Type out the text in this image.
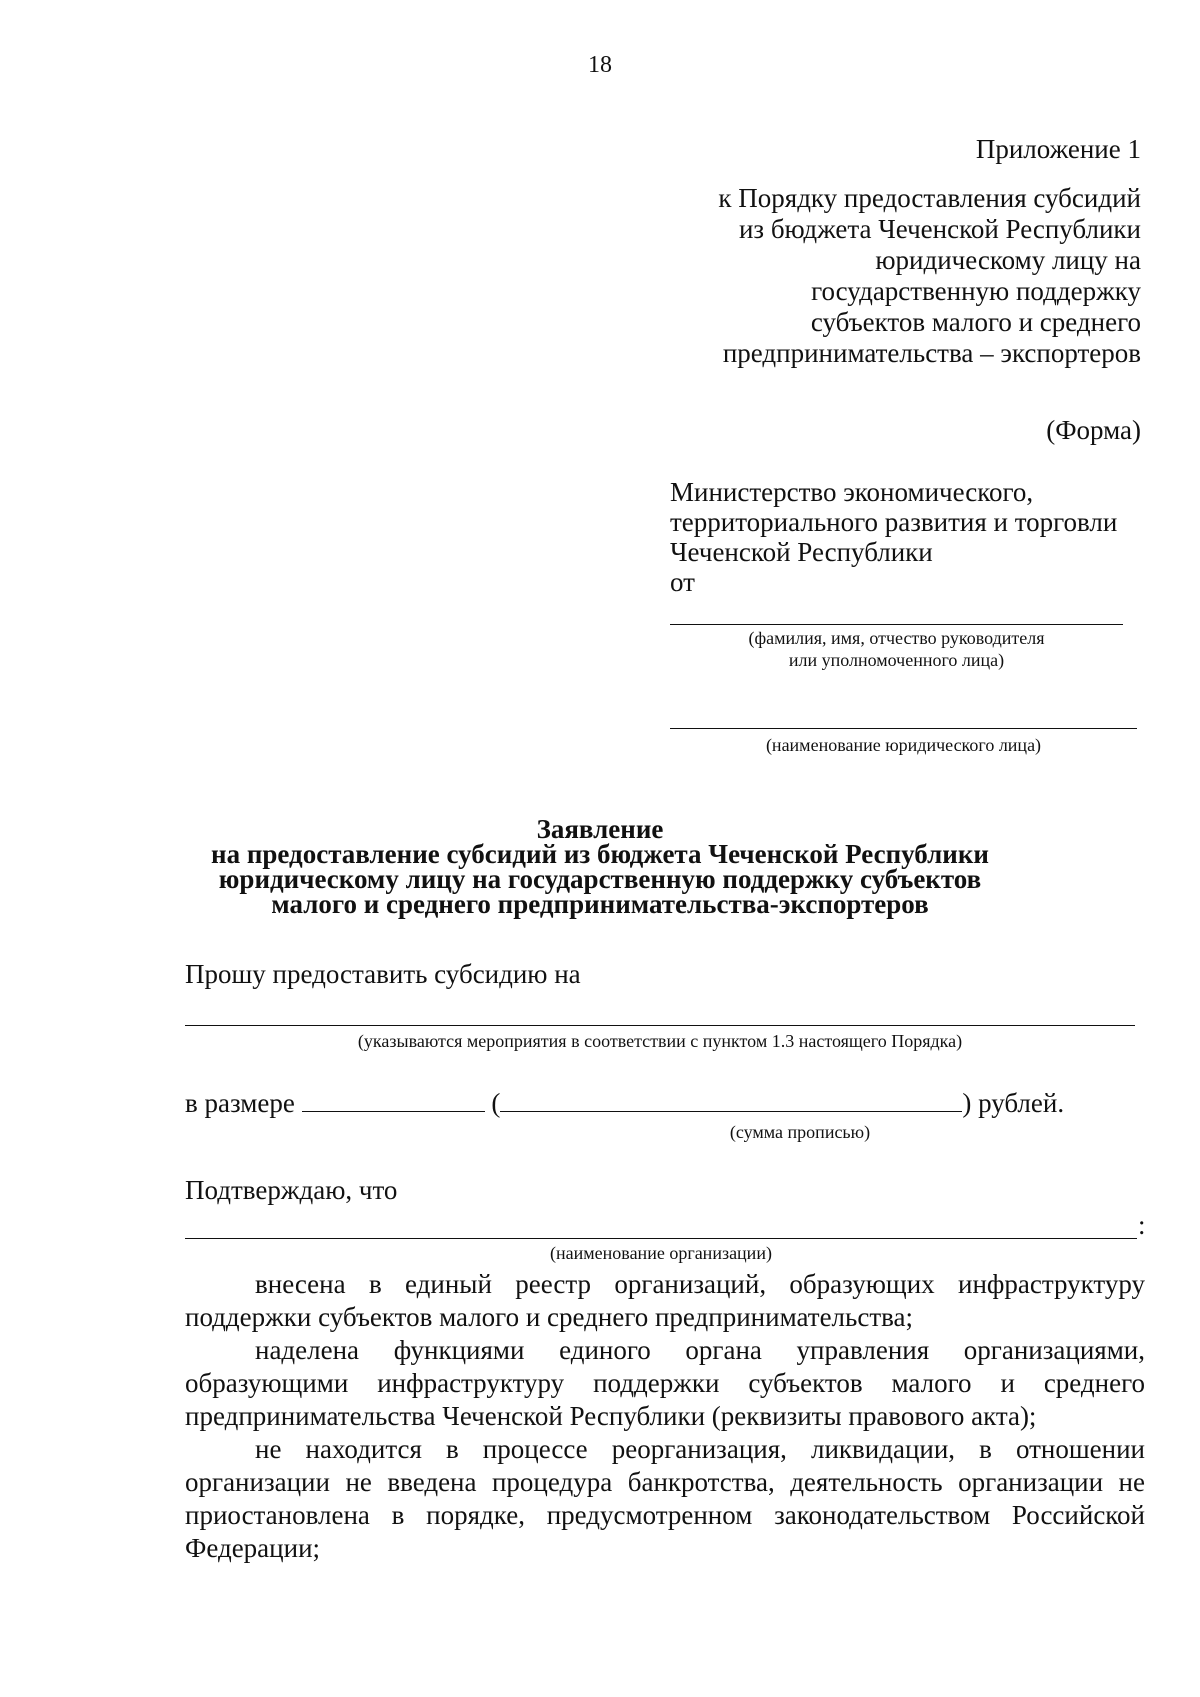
18
Приложение 1
к Порядку предоставления субсидий
из бюджета Чеченской Республики
юридическому лицу на
государственную поддержку
субъектов малого и среднего
предпринимательства – экспортеров
(Форма)
Министерство экономического,
территориального развития и торговли
Чеченской Республики
от
(фамилия, имя, отчество руководителя
или уполномоченного лица)
(наименование юридического лица)
Заявление
на предоставление субсидий из бюджета Чеченской Республики
юридическому лицу на государственную поддержку субъектов
малого и среднего предпринимательства-экспортеров
Прошу предоставить субсидию на
(указываются мероприятия в соответствии с пунктом 1.3 настоящего Порядка)
в размере	(	) рублей.
(сумма прописью)
Подтверждаю, что
:
(наименование организации)

внесена в единый реестр организаций, образующих инфраструктуру поддержки субъектов малого и среднего предпринимательства;

наделена функциями единого органа управления организациями, образующими инфраструктуру поддержки субъектов малого и среднего предпринимательства Чеченской Республики (реквизиты правового акта);

не находится в процессе реорганизация, ликвидации, в отношении организации не введена процедура банкротства, деятельность организации не приостановлена в порядке, предусмотренном законодательством Российской Федерации;
